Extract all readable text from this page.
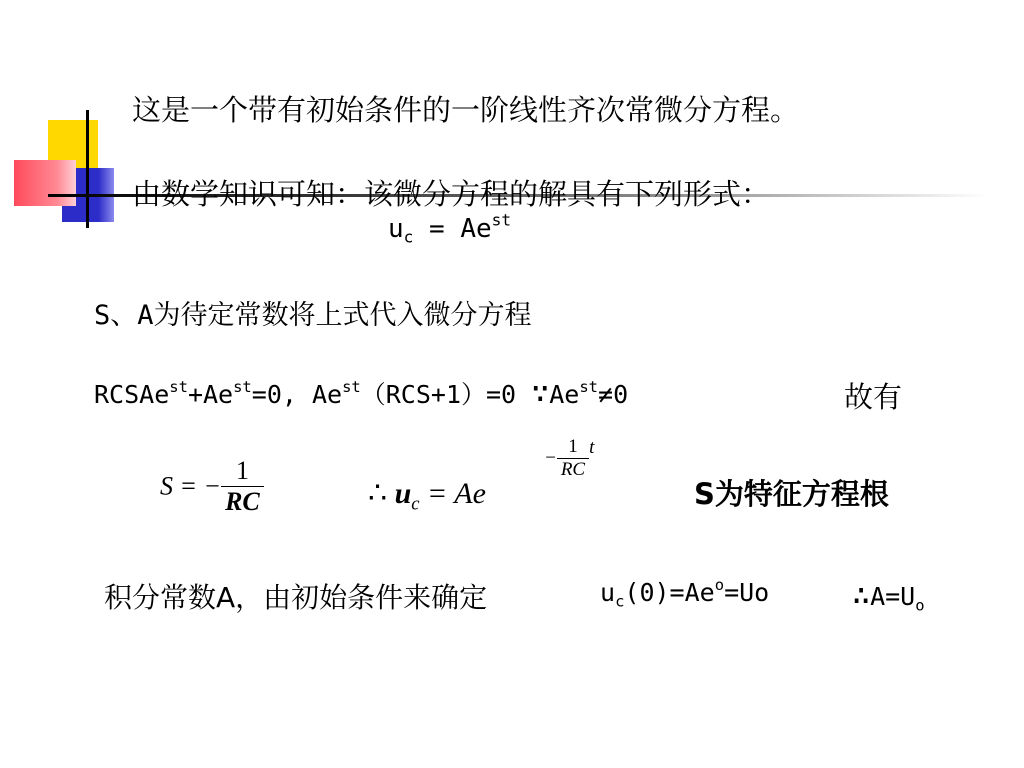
这是一个带有初始条件的一阶线性齐次常微分方程。
由数学知识可知：该微分方程的解具有下列形式：
$u_c = Ae^{st}$
S、A为待定常数将上式代入微分方程
$RCSAe^{st}+Ae^{st}=0$, $Ae^{st}(RCS+1)=0$ $\because Ae^{st}\ne 0$	故有
S = − $\frac{1}{RC}$	∴ $u_c = Ae$
− $\frac{1}{RC}$ t
S为特征方程根
积分常数A，由初始条件来确定	$u_c(0)=Ae^o=Uo$	$\therefore A=U_o$
